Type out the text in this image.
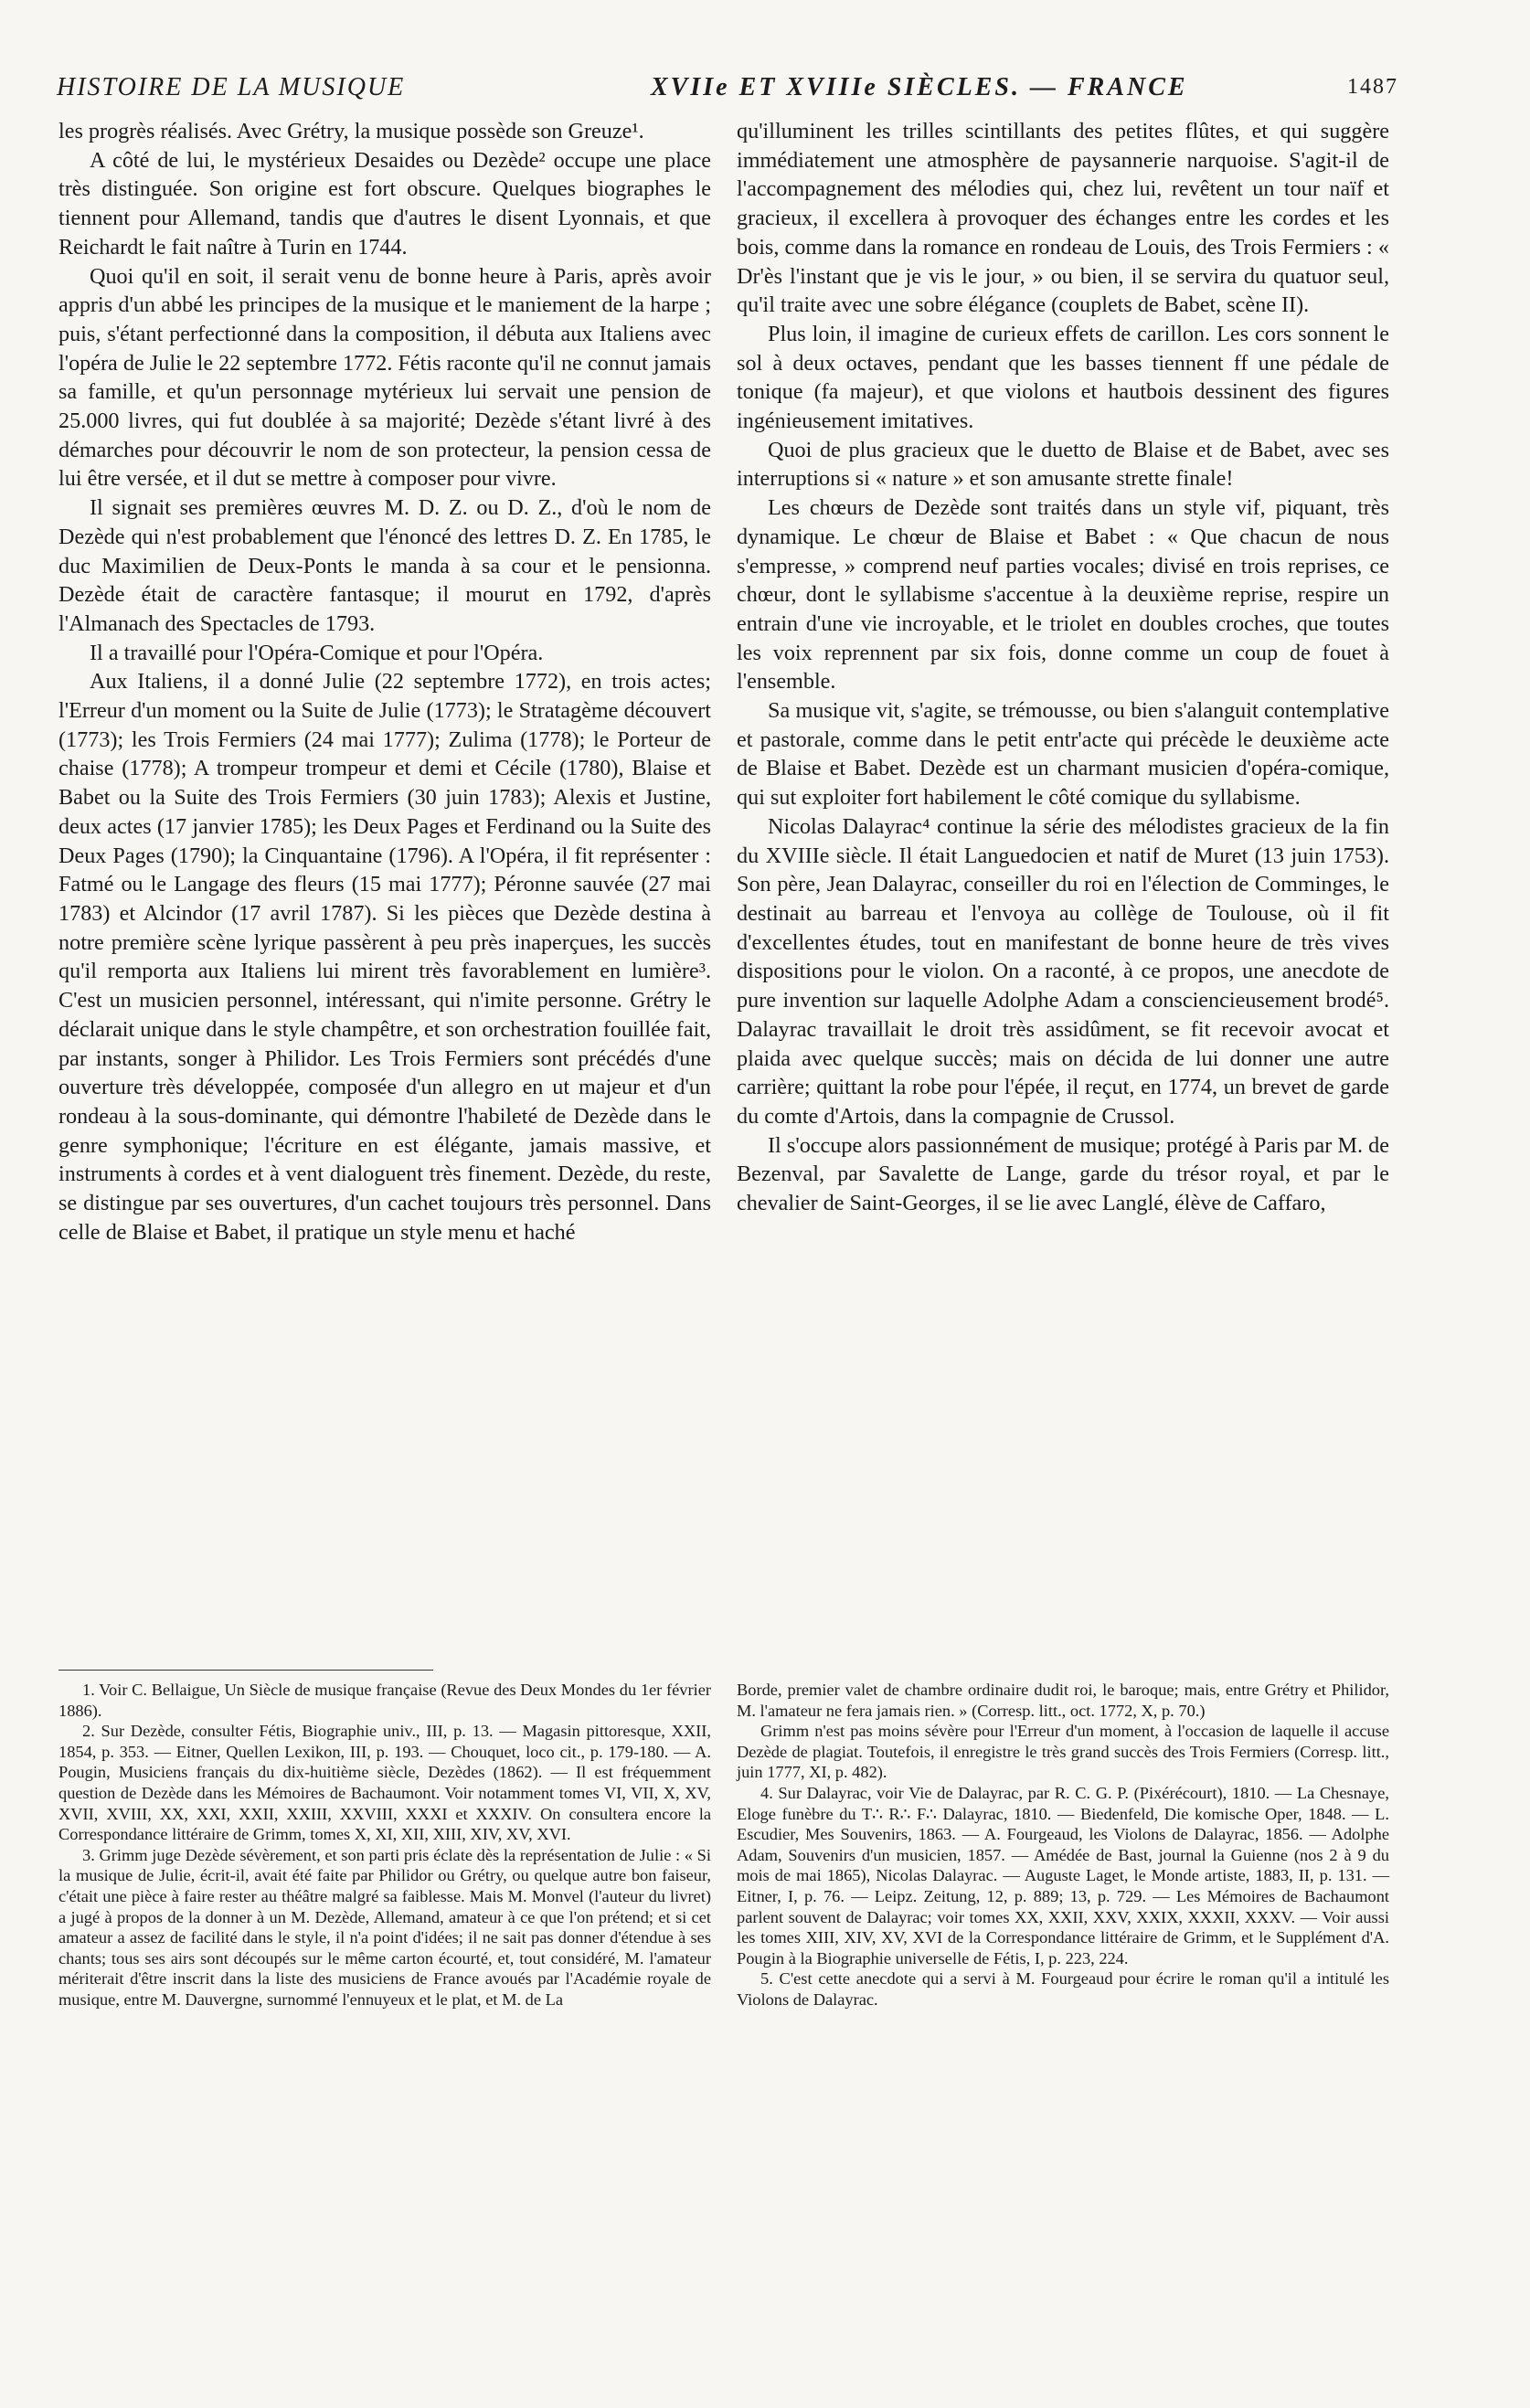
HISTOIRE DE LA MUSIQUE	XVIIe ET XVIIIe SIÈCLES. — FRANCE	1487

les progrès réalisés. Avec Grétry, la musique possède son Greuze¹.

A côté de lui, le mystérieux Desaides ou Dezède² occupe une place très distinguée. Son origine est fort obscure. Quelques biographes le tiennent pour Allemand, tandis que d'autres le disent Lyonnais, et que Reichardt le fait naître à Turin en 1744.

Quoi qu'il en soit, il serait venu de bonne heure à Paris, après avoir appris d'un abbé les principes de la musique et le maniement de la harpe ; puis, s'étant perfectionné dans la composition, il débuta aux Italiens avec l'opéra de Julie le 22 septembre 1772. Fétis raconte qu'il ne connut jamais sa famille, et qu'un personnage mytérieux lui servait une pension de 25.000 livres, qui fut doublée à sa majorité; Dezède s'étant livré à des démarches pour découvrir le nom de son protecteur, la pension cessa de lui être versée, et il dut se mettre à composer pour vivre.

Il signait ses premières œuvres M. D. Z. ou D. Z., d'où le nom de Dezède qui n'est probablement que l'énoncé des lettres D. Z. En 1785, le duc Maximilien de Deux-Ponts le manda à sa cour et le pensionna. Dezède était de caractère fantasque; il mourut en 1792, d'après l'Almanach des Spectacles de 1793.

Il a travaillé pour l'Opéra-Comique et pour l'Opéra.

Aux Italiens, il a donné Julie (22 septembre 1772), en trois actes; l'Erreur d'un moment ou la Suite de Julie (1773); le Stratagème découvert (1773); les Trois Fermiers (24 mai 1777); Zulima (1778); le Porteur de chaise (1778); A trompeur trompeur et demi et Cécile (1780), Blaise et Babet ou la Suite des Trois Fermiers (30 juin 1783); Alexis et Justine, deux actes (17 janvier 1785); les Deux Pages et Ferdinand ou la Suite des Deux Pages (1790); la Cinquantaine (1796). A l'Opéra, il fit représenter : Fatmé ou le Langage des fleurs (15 mai 1777); Péronne sauvée (27 mai 1783) et Alcindor (17 avril 1787). Si les pièces que Dezède destina à notre première scène lyrique passèrent à peu près inaperçues, les succès qu'il remporta aux Italiens lui mirent très favorablement en lumière³. C'est un musicien personnel, intéressant, qui n'imite personne. Grétry le déclarait unique dans le style champêtre, et son orchestration fouillée fait, par instants, songer à Philidor. Les Trois Fermiers sont précédés d'une ouverture très développée, composée d'un allegro en ut majeur et d'un rondeau à la sous-dominante, qui démontre l'habileté de Dezède dans le genre symphonique; l'écriture en est élégante, jamais massive, et instruments à cordes et à vent dialoguent très finement. Dezède, du reste, se distingue par ses ouvertures, d'un cachet toujours très personnel. Dans celle de Blaise et Babet, il pratique un style menu et haché

qu'illuminent les trilles scintillants des petites flûtes, et qui suggère immédiatement une atmosphère de paysannerie narquoise. S'agit-il de l'accompagnement des mélodies qui, chez lui, revêtent un tour naïf et gracieux, il excellera à provoquer des échanges entre les cordes et les bois, comme dans la romance en rondeau de Louis, des Trois Fermiers : « Dr'ès l'instant que je vis le jour, » ou bien, il se servira du quatuor seul, qu'il traite avec une sobre élégance (couplets de Babet, scène II).

Plus loin, il imagine de curieux effets de carillon. Les cors sonnent le sol à deux octaves, pendant que les basses tiennent ff une pédale de tonique (fa majeur), et que violons et hautbois dessinent des figures ingénieusement imitatives.

Quoi de plus gracieux que le duetto de Blaise et de Babet, avec ses interruptions si « nature » et son amusante strette finale!

Les chœurs de Dezède sont traités dans un style vif, piquant, très dynamique. Le chœur de Blaise et Babet : « Que chacun de nous s'empresse, » comprend neuf parties vocales; divisé en trois reprises, ce chœur, dont le syllabisme s'accentue à la deuxième reprise, respire un entrain d'une vie incroyable, et le triolet en doubles croches, que toutes les voix reprennent par six fois, donne comme un coup de fouet à l'ensemble.

Sa musique vit, s'agite, se trémousse, ou bien s'alanguit contemplative et pastorale, comme dans le petit entr'acte qui précède le deuxième acte de Blaise et Babet. Dezède est un charmant musicien d'opéra-comique, qui sut exploiter fort habilement le côté comique du syllabisme.

Nicolas Dalayrac⁴ continue la série des mélodistes gracieux de la fin du XVIIIe siècle. Il était Languedocien et natif de Muret (13 juin 1753). Son père, Jean Dalayrac, conseiller du roi en l'élection de Comminges, le destinait au barreau et l'envoya au collège de Toulouse, où il fit d'excellentes études, tout en manifestant de bonne heure de très vives dispositions pour le violon. On a raconté, à ce propos, une anecdote de pure invention sur laquelle Adolphe Adam a consciencieusement brodé⁵. Dalayrac travaillait le droit très assidûment, se fit recevoir avocat et plaida avec quelque succès; mais on décida de lui donner une autre carrière; quittant la robe pour l'épée, il reçut, en 1774, un brevet de garde du comte d'Artois, dans la compagnie de Crussol.

Il s'occupe alors passionnément de musique; protégé à Paris par M. de Bezenval, par Savalette de Lange, garde du trésor royal, et par le chevalier de Saint-Georges, il se lie avec Langlé, élève de Caffaro,

1. Voir C. Bellaigue, Un Siècle de musique française (Revue des Deux Mondes du 1er février 1886).

2. Sur Dezède, consulter Fétis, Biographie univ., III, p. 13. — Magasin pittoresque, XXII, 1854, p. 353. — Eitner, Quellen Lexikon, III, p. 193. — Chouquet, loco cit., p. 179-180. — A. Pougin, Musiciens français du dix-huitième siècle, Dezèdes (1862). — Il est fréquemment question de Dezède dans les Mémoires de Bachaumont. Voir notamment tomes VI, VII, X, XV, XVII, XVIII, XX, XXI, XXII, XXIII, XXVIII, XXXI et XXXIV. On consultera encore la Correspondance littéraire de Grimm, tomes X, XI, XII, XIII, XIV, XV, XVI.

3. Grimm juge Dezède sévèrement, et son parti pris éclate dès la représentation de Julie : « Si la musique de Julie, écrit-il, avait été faite par Philidor ou Grétry, ou quelque autre bon faiseur, c'était une pièce à faire rester au théâtre malgré sa faiblesse. Mais M. Monvel (l'auteur du livret) a jugé à propos de la donner à un M. Dezède, Allemand, amateur à ce que l'on prétend; et si cet amateur a assez de facilité dans le style, il n'a point d'idées; il ne sait pas donner d'étendue à ses chants; tous ses airs sont découpés sur le même carton écourté, et, tout considéré, M. l'amateur mériterait d'être inscrit dans la liste des musiciens de France avoués par l'Académie royale de musique, entre M. Dauvergne, surnommé l'ennuyeux et le plat, et M. de La

Borde, premier valet de chambre ordinaire dudit roi, le baroque; mais, entre Grétry et Philidor, M. l'amateur ne fera jamais rien. » (Corresp. litt., oct. 1772, X, p. 70.)

Grimm n'est pas moins sévère pour l'Erreur d'un moment, à l'occasion de laquelle il accuse Dezède de plagiat. Toutefois, il enregistre le très grand succès des Trois Fermiers (Corresp. litt., juin 1777, XI, p. 482).

4. Sur Dalayrac, voir Vie de Dalayrac, par R. C. G. P. (Pixérécourt), 1810. — La Chesnaye, Eloge funèbre du T∴ R∴ F∴ Dalayrac, 1810. — Biedenfeld, Die komische Oper, 1848. — L. Escudier, Mes Souvenirs, 1863. — A. Fourgeaud, les Violons de Dalayrac, 1856. — Adolphe Adam, Souvenirs d'un musicien, 1857. — Amédée de Bast, journal la Guienne (nos 2 à 9 du mois de mai 1865), Nicolas Dalayrac. — Auguste Laget, le Monde artiste, 1883, II, p. 131. — Eitner, I, p. 76. — Leipz. Zeitung, 12, p. 889; 13, p. 729. — Les Mémoires de Bachaumont parlent souvent de Dalayrac; voir tomes XX, XXII, XXV, XXIX, XXXII, XXXV. — Voir aussi les tomes XIII, XIV, XV, XVI de la Correspondance littéraire de Grimm, et le Supplément d'A. Pougin à la Biographie universelle de Fétis, I, p. 223, 224.

5. C'est cette anecdote qui a servi à M. Fourgeaud pour écrire le roman qu'il a intitulé les Violons de Dalayrac.
